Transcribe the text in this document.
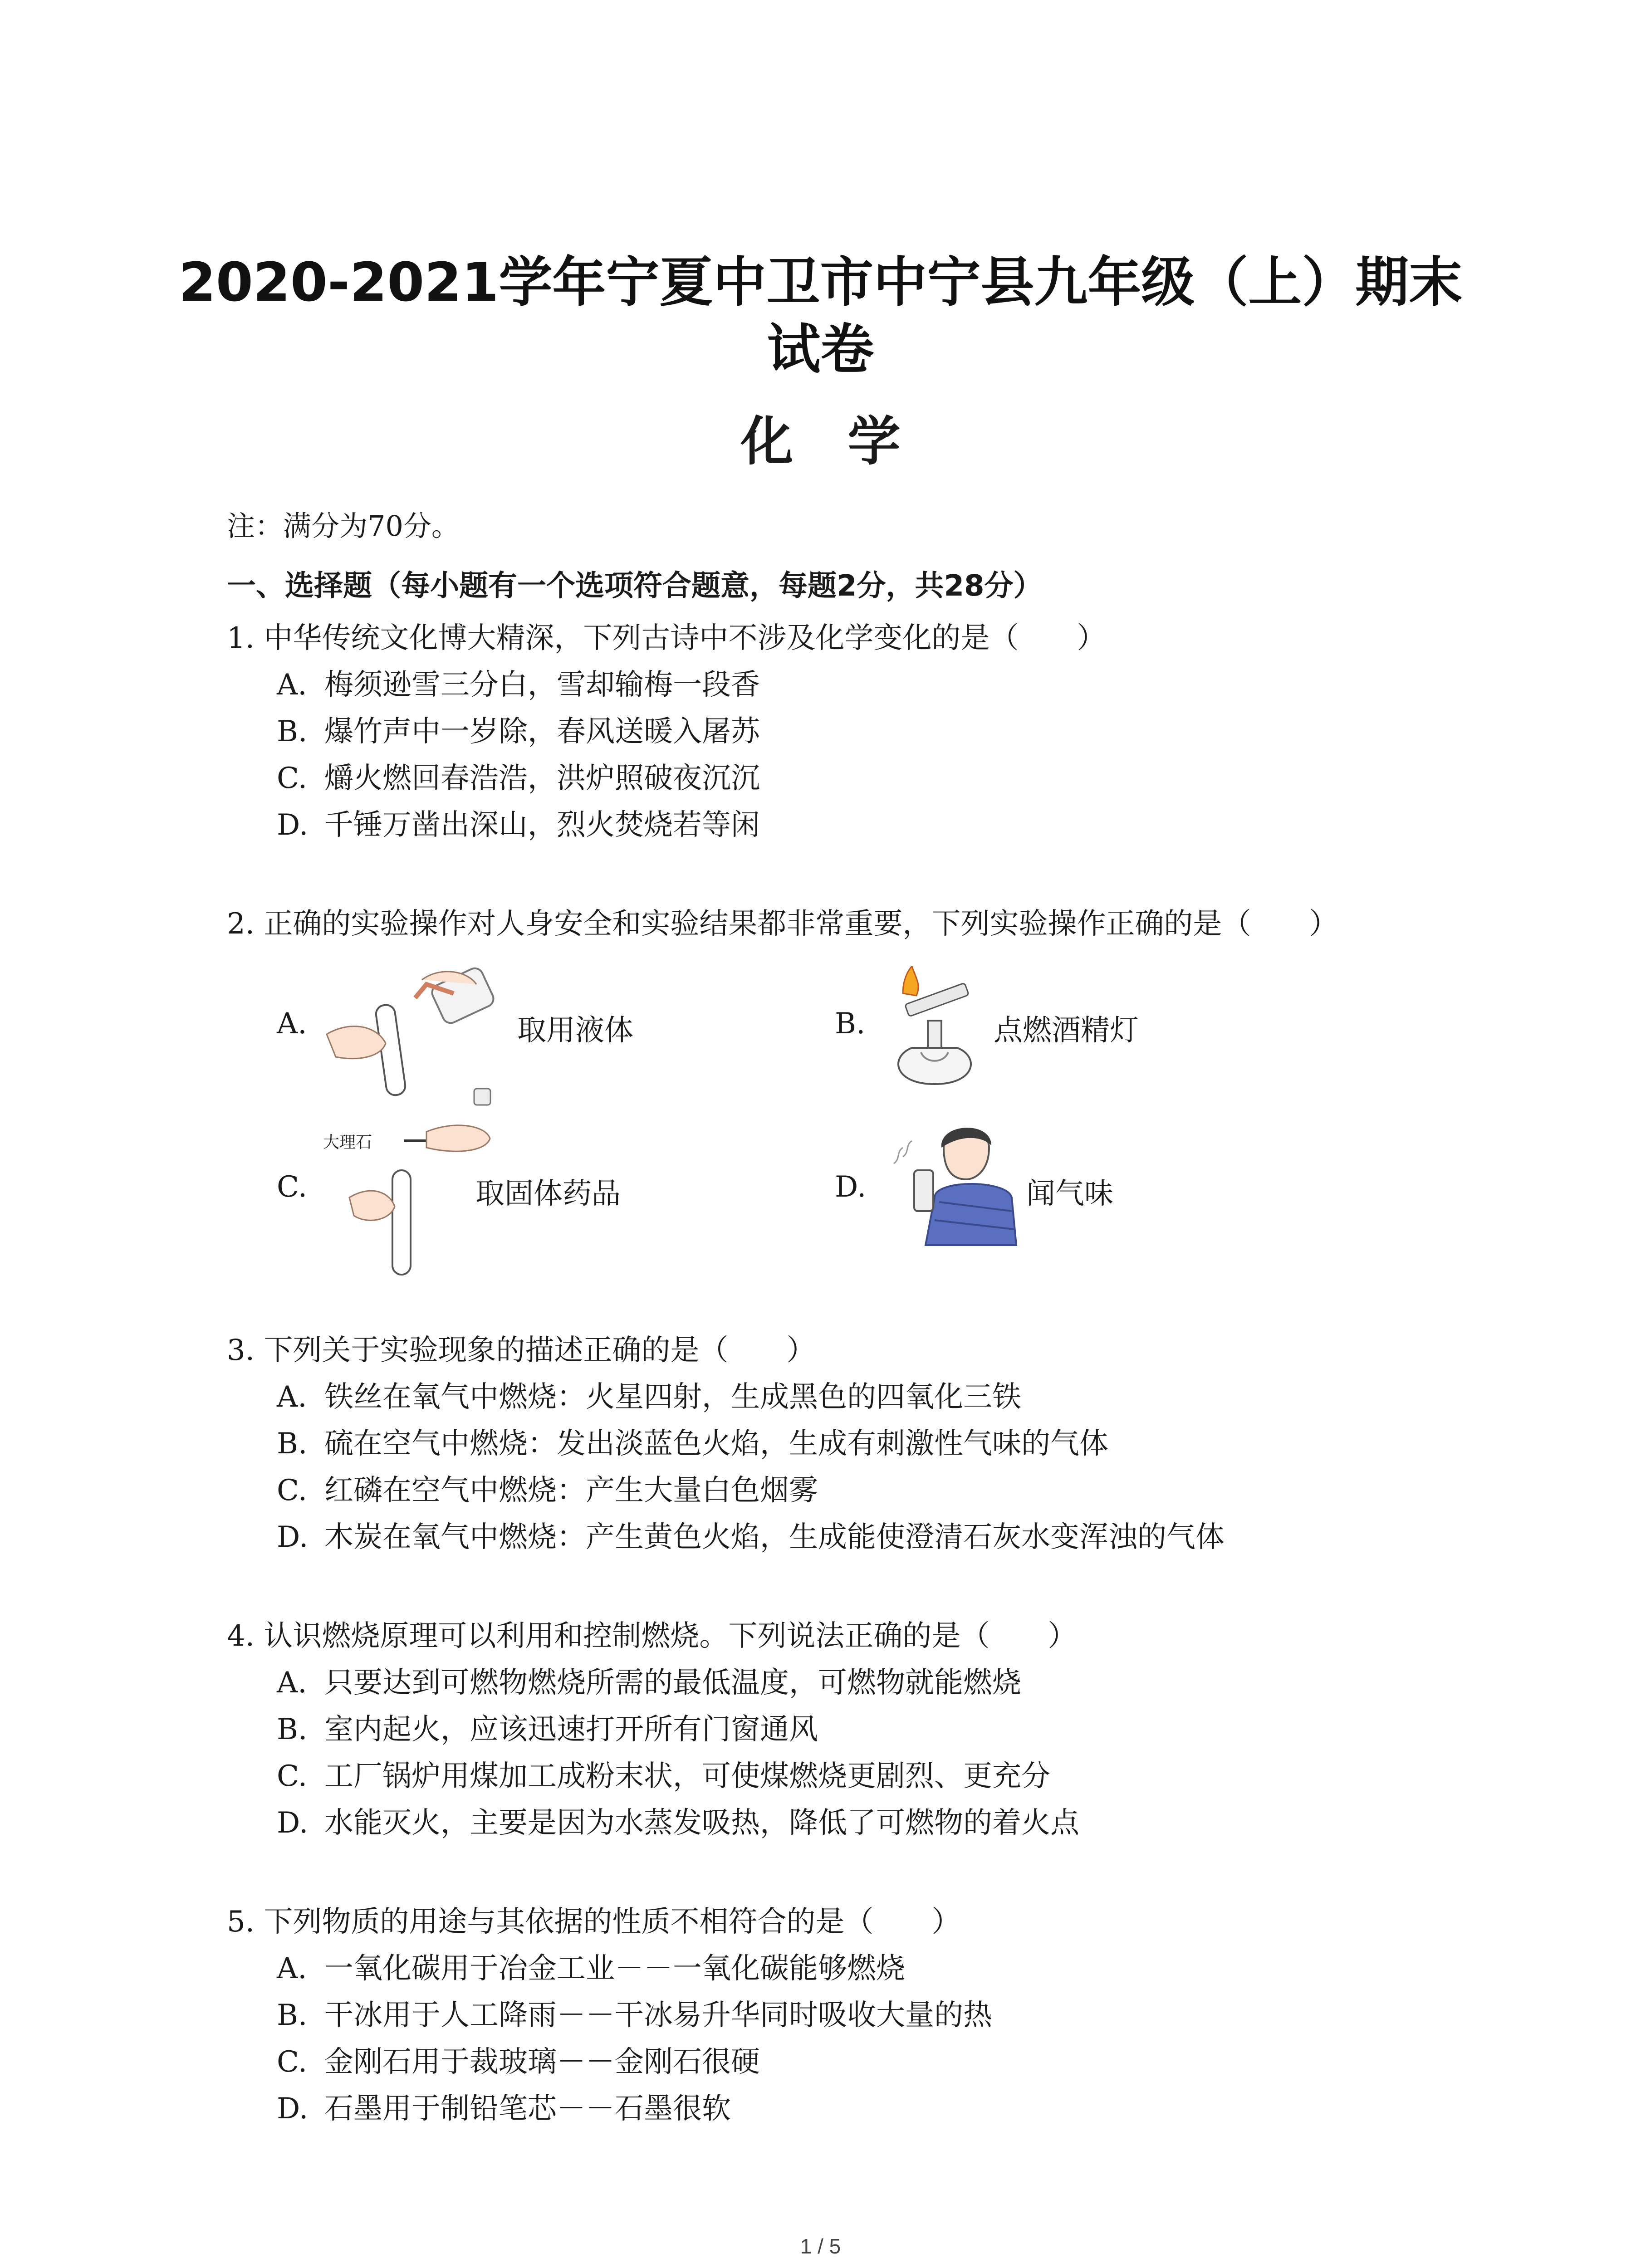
2020-2021学年宁夏中卫市中宁县九年级（上）期末试卷
化学
注：满分为70分。
一、选择题（每小题有一个选项符合题意，每题2分，共28分）
1. 中华传统文化博大精深，下列古诗中不涉及化学变化的是（　　）
A. 梅须逊雪三分白，雪却输梅一段香
B. 爆竹声中一岁除，春风送暖入屠苏
C. 爝火燃回春浩浩，洪炉照破夜沉沉
D. 千锤万凿出深山，烈火焚烧若等闲
2. 正确的实验操作对人身安全和实验结果都非常重要，下列实验操作正确的是（　　）
A.	取用液体	B.	点燃酒精灯
大理石
C.	取固体药品	D.	闻气味
3. 下列关于实验现象的描述正确的是（　　）
A. 铁丝在氧气中燃烧：火星四射，生成黑色的四氧化三铁
B. 硫在空气中燃烧：发出淡蓝色火焰，生成有刺激性气味的气体
C. 红磷在空气中燃烧：产生大量白色烟雾
D. 木炭在氧气中燃烧：产生黄色火焰，生成能使澄清石灰水变浑浊的气体
4. 认识燃烧原理可以利用和控制燃烧。下列说法正确的是（　　）
A. 只要达到可燃物燃烧所需的最低温度，可燃物就能燃烧
B. 室内起火，应该迅速打开所有门窗通风
C. 工厂锅炉用煤加工成粉末状，可使煤燃烧更剧烈、更充分
D. 水能灭火，主要是因为水蒸发吸热，降低了可燃物的着火点
5. 下列物质的用途与其依据的性质不相符合的是（　　）
A. 一氧化碳用于冶金工业－－一氧化碳能够燃烧
B. 干冰用于人工降雨－－干冰易升华同时吸收大量的热
C. 金刚石用于裁玻璃－－金刚石很硬
D. 石墨用于制铅笔芯－－石墨很软
1 / 5
